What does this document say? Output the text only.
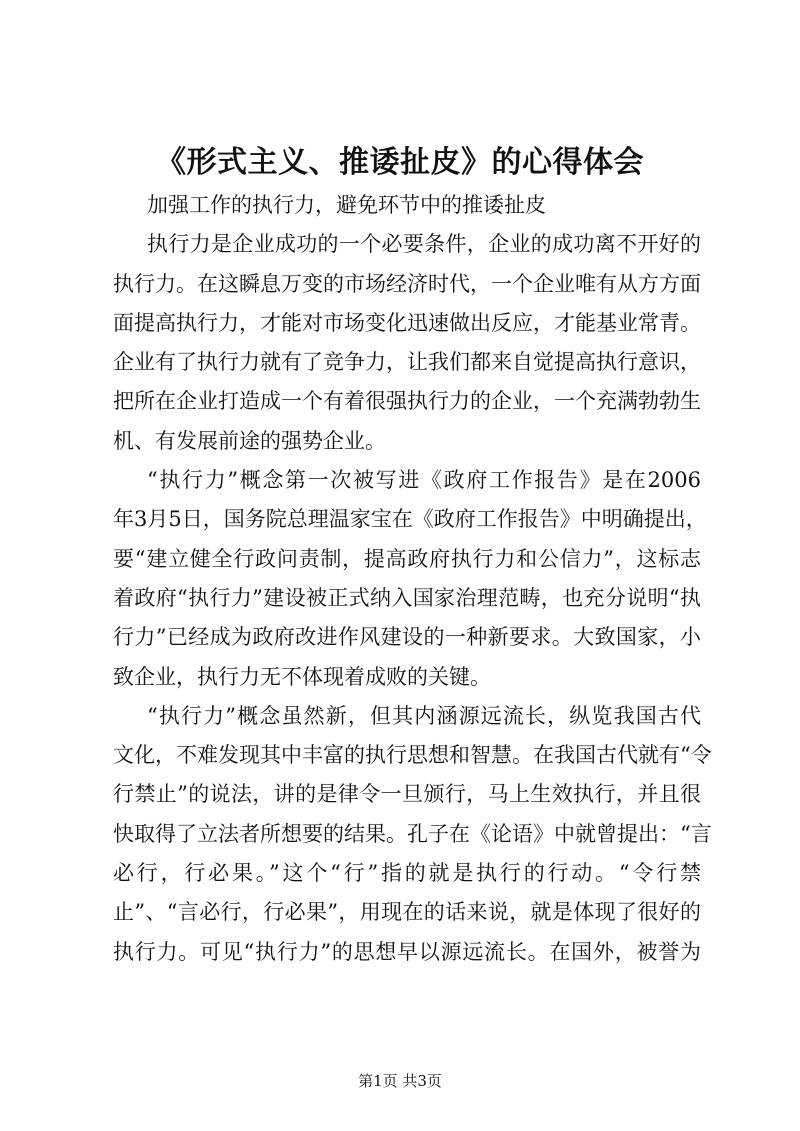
《形式主义、推诿扯皮》的心得体会
加强工作的执行力，避免环节中的推诿扯皮
执行力是企业成功的一个必要条件，企业的成功离不开好的
执行力。在这瞬息万变的市场经济时代，一个企业唯有从方方面
面提高执行力，才能对市场变化迅速做出反应，才能基业常青。
企业有了执行力就有了竞争力，让我们都来自觉提高执行意识，
把所在企业打造成一个有着很强执行力的企业，一个充满勃勃生
机、有发展前途的强势企业。
“执行力”概念第一次被写进《政府工作报告》是在2006
年3月5日，国务院总理温家宝在《政府工作报告》中明确提出，
要“建立健全行政问责制，提高政府执行力和公信力”，这标志
着政府“执行力”建设被正式纳入国家治理范畴，也充分说明“执
行力”已经成为政府改进作风建设的一种新要求。大致国家，小
致企业，执行力无不体现着成败的关键。
“执行力”概念虽然新，但其内涵源远流长，纵览我国古代
文化，不难发现其中丰富的执行思想和智慧。在我国古代就有“令
行禁止”的说法，讲的是律令一旦颁行，马上生效执行，并且很
快取得了立法者所想要的结果。孔子在《论语》中就曾提出：“言
必行，行必果。”这个“行”指的就是执行的行动。“令行禁
止”、“言必行，行必果”，用现在的话来说，就是体现了很好的
执行力。可见“执行力”的思想早以源远流长。在国外，被誉为
第1页 共3页
